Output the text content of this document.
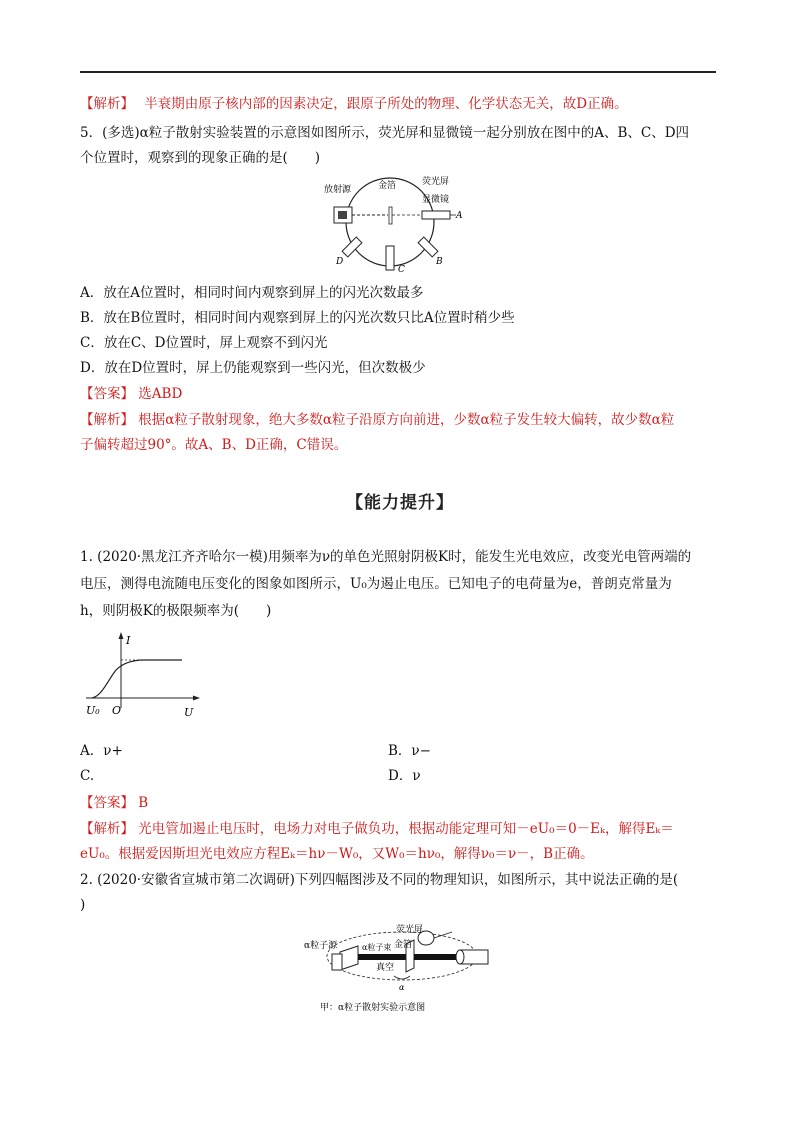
【解析】 半衰期由原子核内部的因素决定，跟原子所处的物理、化学状态无关，故D正确。
5．(多选)α粒子散射实验装置的示意图如图所示，荧光屏和显微镜一起分别放在图中的A、B、C、D四
个位置时，观察到的现象正确的是(　　)
放射源	金箔	荧光屏
显微镜
A
B
C
D
A．放在A位置时，相同时间内观察到屏上的闪光次数最多
B．放在B位置时，相同时间内观察到屏上的闪光次数只比A位置时稍少些
C．放在C、D位置时，屏上观察不到闪光
D．放在D位置时，屏上仍能观察到一些闪光，但次数极少
【答案】 选ABD
【解析】 根据α粒子散射现象，绝大多数α粒子沿原方向前进，少数α粒子发生较大偏转，故少数α粒
子偏转超过90°。故A、B、D正确，C错误。
【能力提升】
1. (2020·黑龙江齐齐哈尔一模)用频率为ν的单色光照射阴极K时，能发生光电效应，改变光电管两端的
电压，测得电流随电压变化的图象如图所示，U₀为遏止电压。已知电子的电荷量为e，普朗克常量为
h，则阴极K的极限频率为(　　)
I
U
O
U₀
A．ν+	B．ν−
C.	D．ν
【答案】 B
【解析】 光电管加遏止电压时，电场力对电子做负功，根据动能定理可知－eU₀＝0－Eₖ，解得Eₖ＝
eU₀。根据爱因斯坦光电效应方程Eₖ＝hν－W₀，又W₀＝hν₀，解得ν₀＝ν－，B正确。
2. (2020·安徽省宣城市第二次调研)下列四幅图涉及不同的物理知识，如图所示，其中说法正确的是(
)
荧光屏
α粒子源	金箔
α粒子束
真空
α
甲：α粒子散射实验示意图
